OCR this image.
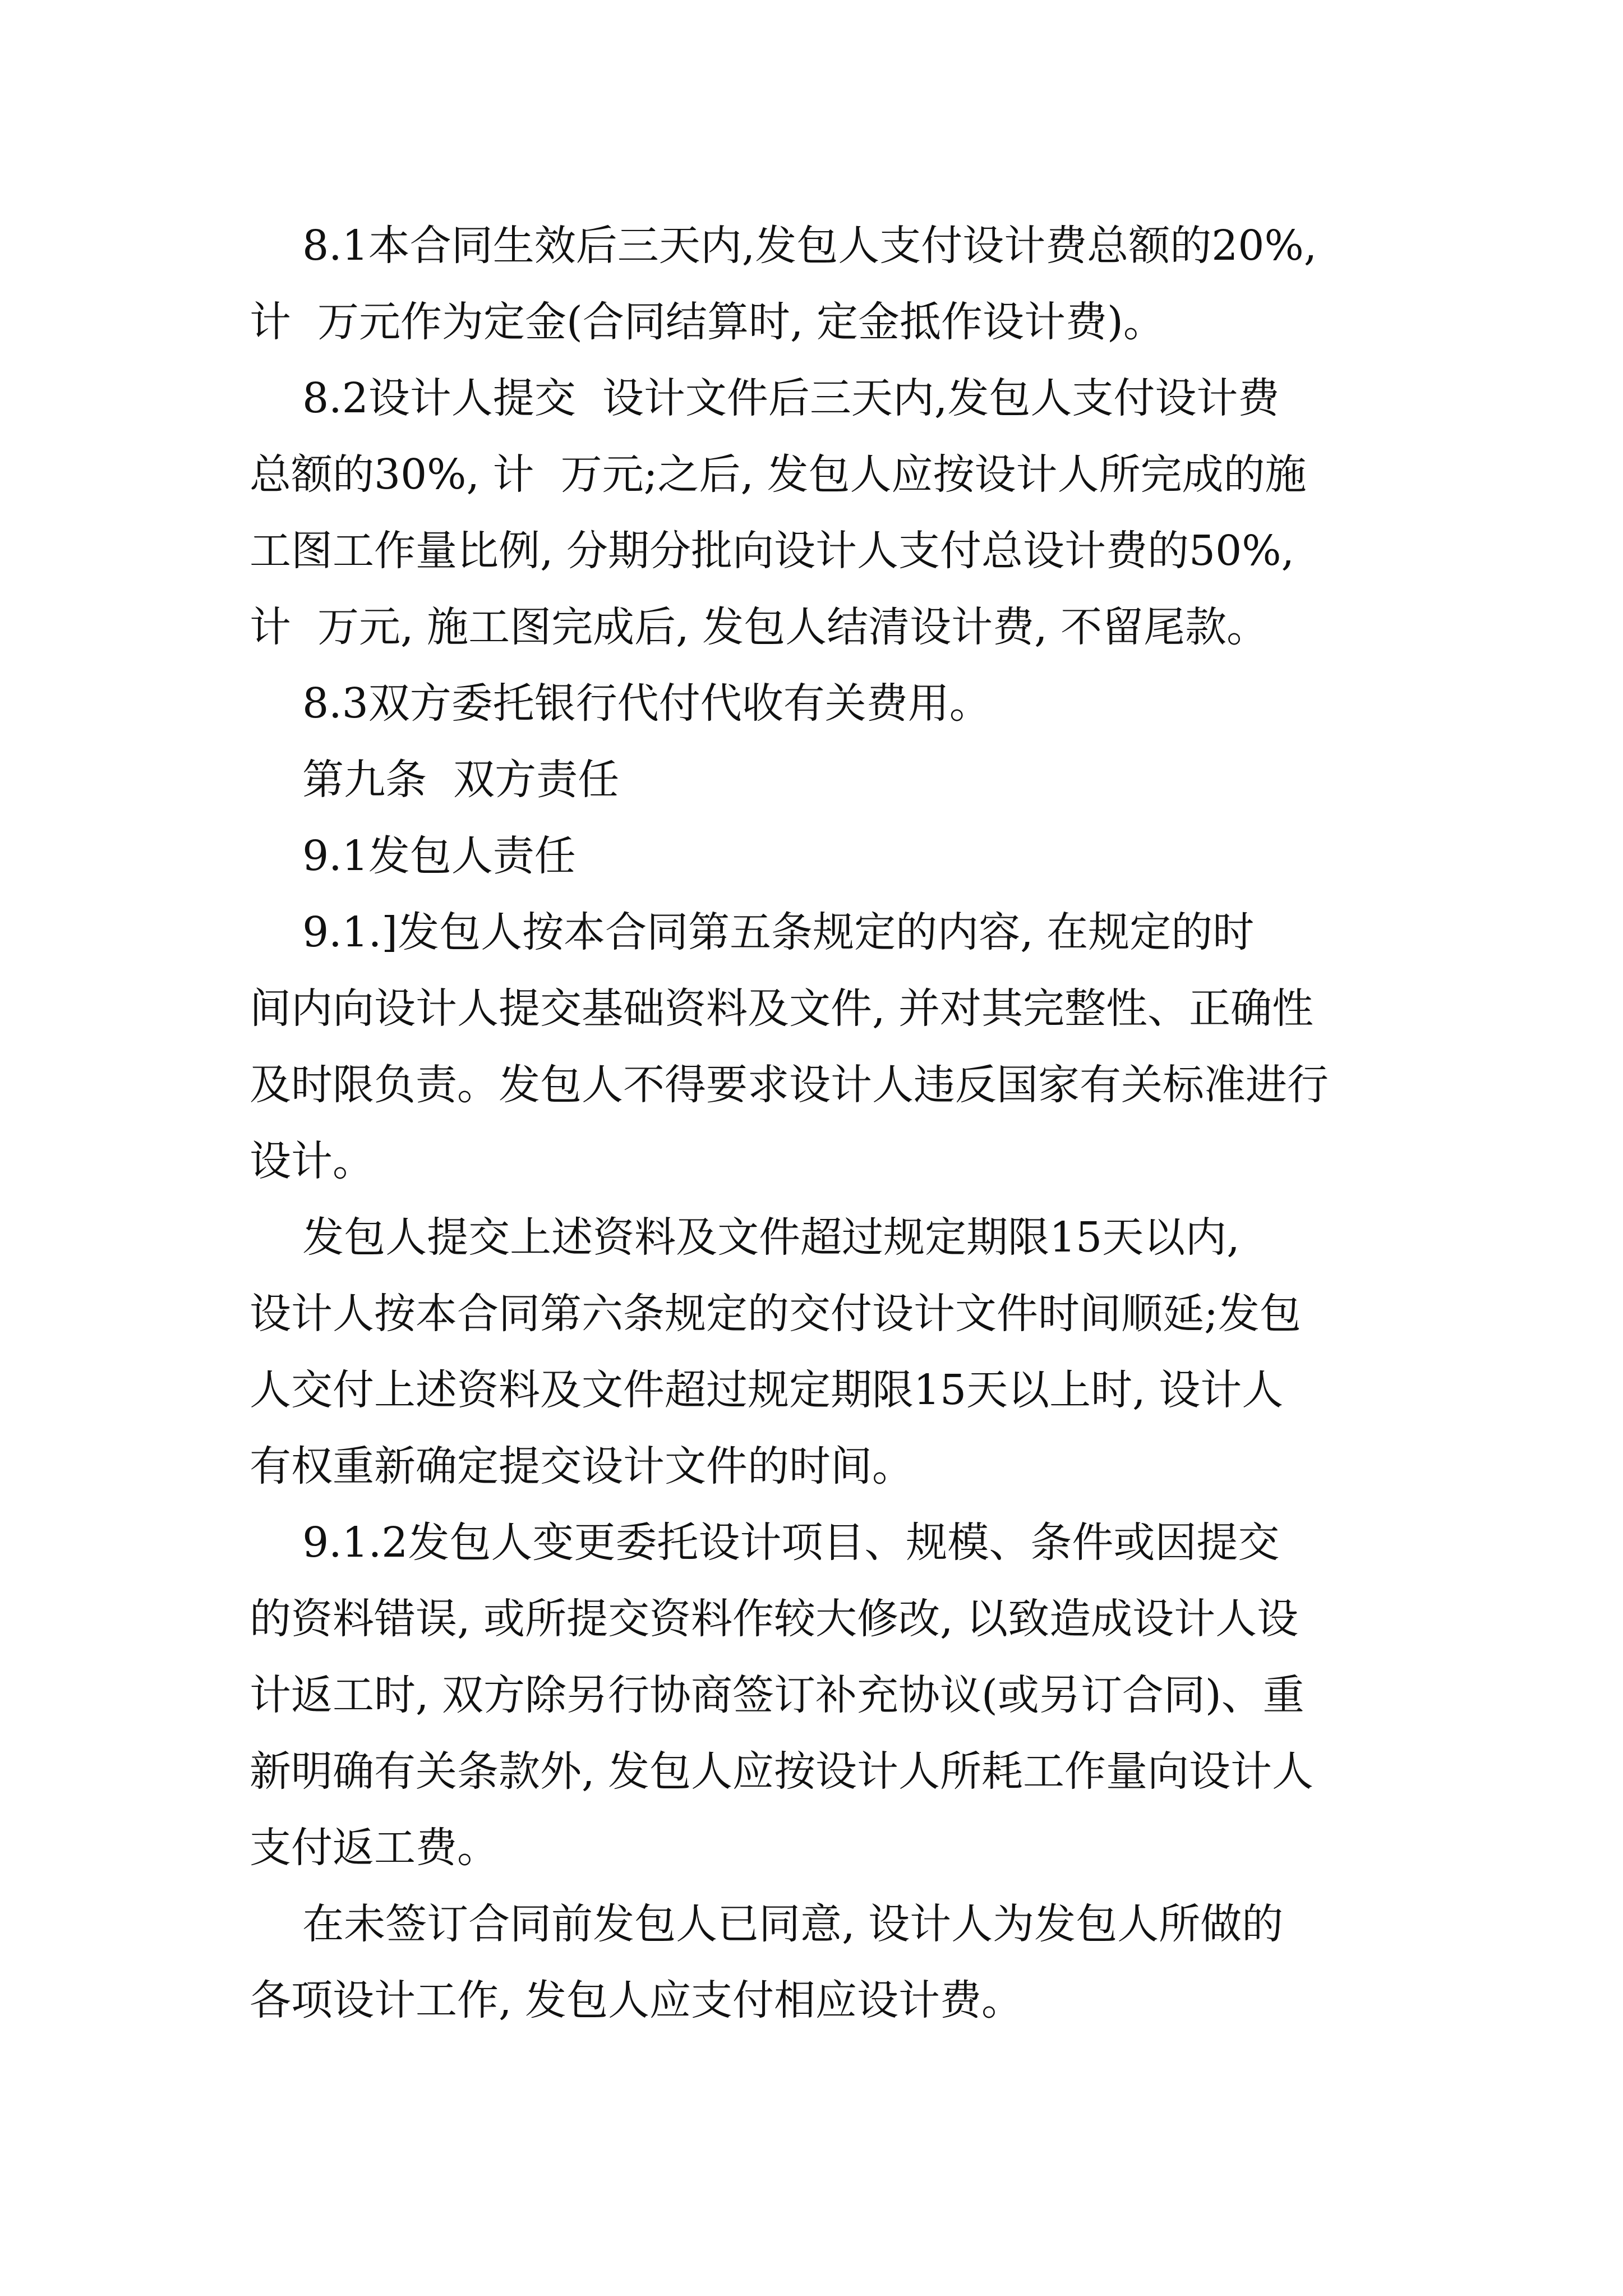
8.1本合同生效后三天内,发包人支付设计费总额的20%,
计  万元作为定金(合同结算时, 定金抵作设计费)。
8.2设计人提交  设计文件后三天内,发包人支付设计费
总额的30%, 计  万元;之后, 发包人应按设计人所完成的施
工图工作量比例, 分期分批向设计人支付总设计费的50%,
计  万元, 施工图完成后, 发包人结清设计费, 不留尾款。
8.3双方委托银行代付代收有关费用。
第九条  双方责任
9.1发包人责任
9.1.]发包人按本合同第五条规定的内容, 在规定的时
间内向设计人提交基础资料及文件, 并对其完整性、正确性
及时限负责。发包人不得要求设计人违反国家有关标准进行
设计。
发包人提交上述资料及文件超过规定期限15天以内,
设计人按本合同第六条规定的交付设计文件时间顺延;发包
人交付上述资料及文件超过规定期限15天以上时, 设计人
有权重新确定提交设计文件的时间。
9.1.2发包人变更委托设计项目、规模、条件或因提交
的资料错误, 或所提交资料作较大修改, 以致造成设计人设
计返工时, 双方除另行协商签订补充协议(或另订合同)、重
新明确有关条款外, 发包人应按设计人所耗工作量向设计人
支付返工费。
在未签订合同前发包人已同意, 设计人为发包人所做的
各项设计工作, 发包人应支付相应设计费。
